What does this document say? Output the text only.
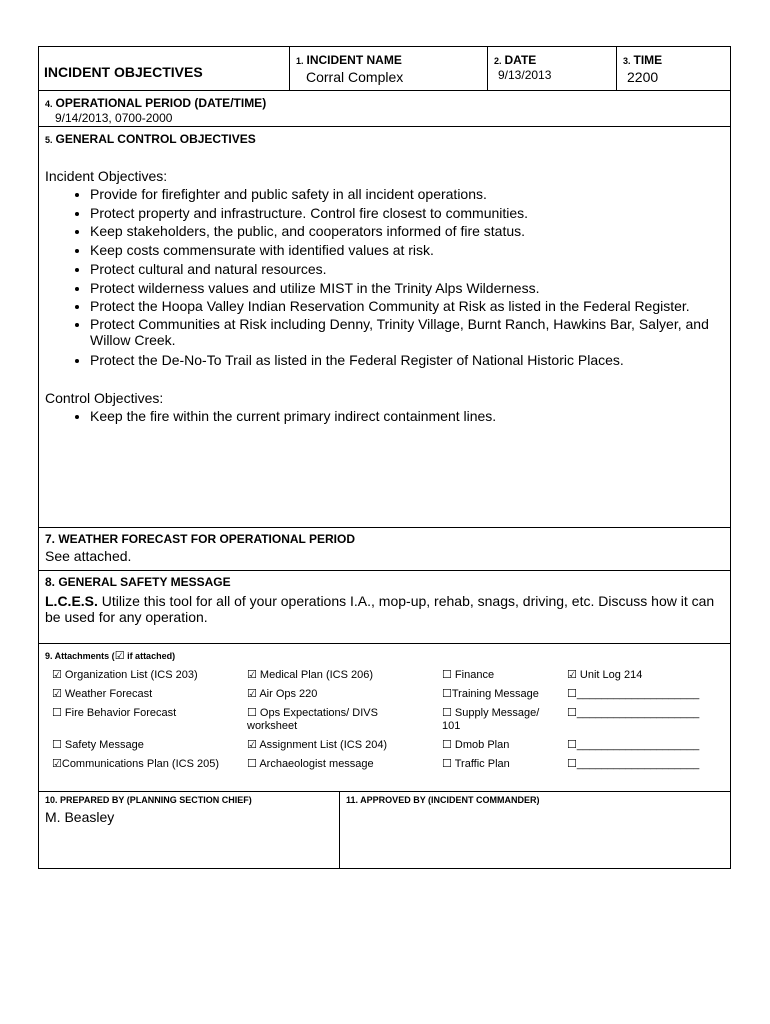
INCIDENT OBJECTIVES
1. INCIDENT NAME
Corral Complex
2. DATE
9/13/2013
3. TIME
2200
4. OPERATIONAL PERIOD (DATE/TIME)
9/14/2013, 0700-2000
5. GENERAL CONTROL OBJECTIVES
Incident Objectives:
• Provide for firefighter and public safety in all incident operations.
• Protect property and infrastructure. Control fire closest to communities.
• Keep stakeholders, the public, and cooperators informed of fire status.
• Keep costs commensurate with identified values at risk.
• Protect cultural and natural resources.
• Protect wilderness values and utilize MIST in the Trinity Alps Wilderness.
• Protect the Hoopa Valley Indian Reservation Community at Risk as listed in the Federal Register.
• Protect Communities at Risk including Denny, Trinity Village, Burnt Ranch, Hawkins Bar, Salyer, and Willow Creek.
• Protect the De-No-To Trail as listed in the Federal Register of National Historic Places.
Control Objectives:
• Keep the fire within the current primary indirect containment lines.
7. WEATHER FORECAST FOR OPERATIONAL PERIOD
See attached.
8. GENERAL SAFETY MESSAGE
L.C.E.S. Utilize this tool for all of your operations I.A., mop-up, rehab, snags, driving, etc. Discuss how it can be used for any operation.
9. Attachments (☑ if attached)
☑ Organization List (ICS 203)
☑ Weather Forecast
☐ Fire Behavior Forecast
☐ Safety Message
☑Communications Plan (ICS 205)
☑ Medical Plan (ICS 206)
☑ Air Ops 220
☐ Ops Expectations/ DIVS worksheet
☑ Assignment List (ICS 204)
☐ Archaeologist message
☐ Finance
☐Training Message
☐ Supply Message/ 101
☐ Dmob Plan
☐ Traffic Plan
☑ Unit Log 214
☐____________________
☐____________________
☐____________________
☐____________________
10. PREPARED BY (PLANNING SECTION CHIEF)
M. Beasley
11. APPROVED BY (INCIDENT COMMANDER)
